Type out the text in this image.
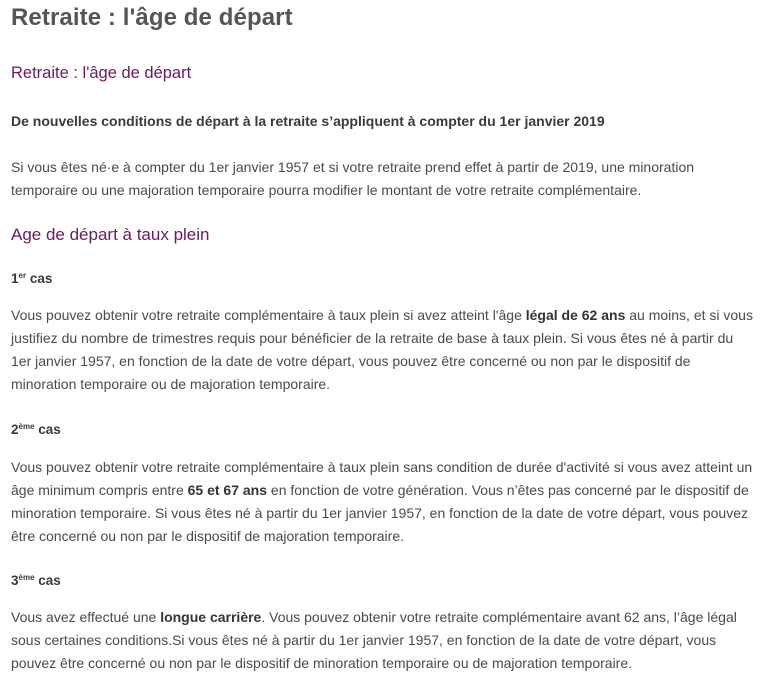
Retraite : l'âge de départ
Retraite : l'âge de départ

De nouvelles conditions de départ à la retraite s’appliquent à compter du 1er janvier 2019

Si vous êtes né·e à compter du 1er janvier 1957 et si votre retraite prend effet à partir de 2019, une minoration temporaire ou une majoration temporaire pourra modifier le montant de votre retraite complémentaire.

Age de départ à taux plein

1er cas

Vous pouvez obtenir votre retraite complémentaire à taux plein si avez atteint l'âge légal de 62 ans au moins, et si vous justifiez du nombre de trimestres requis pour bénéficier de la retraite de base à taux plein. Si vous êtes né à partir du 1er janvier 1957, en fonction de la date de votre départ, vous pouvez être concerné ou non par le dispositif de minoration temporaire ou de majoration temporaire.

2ème cas

Vous pouvez obtenir votre retraite complémentaire à taux plein sans condition de durée d'activité si vous avez atteint un âge minimum compris entre 65 et 67 ans en fonction de votre génération. Vous n’êtes pas concerné par le dispositif de minoration temporaire. Si vous êtes né à partir du 1er janvier 1957, en fonction de la date de votre départ, vous pouvez être concerné ou non par le dispositif de majoration temporaire.

3ème cas

Vous avez effectué une longue carrière. Vous pouvez obtenir votre retraite complémentaire avant 62 ans, l’âge légal sous certaines conditions.Si vous êtes né à partir du 1er janvier 1957, en fonction de la date de votre départ, vous pouvez être concerné ou non par le dispositif de minoration temporaire ou de majoration temporaire.
